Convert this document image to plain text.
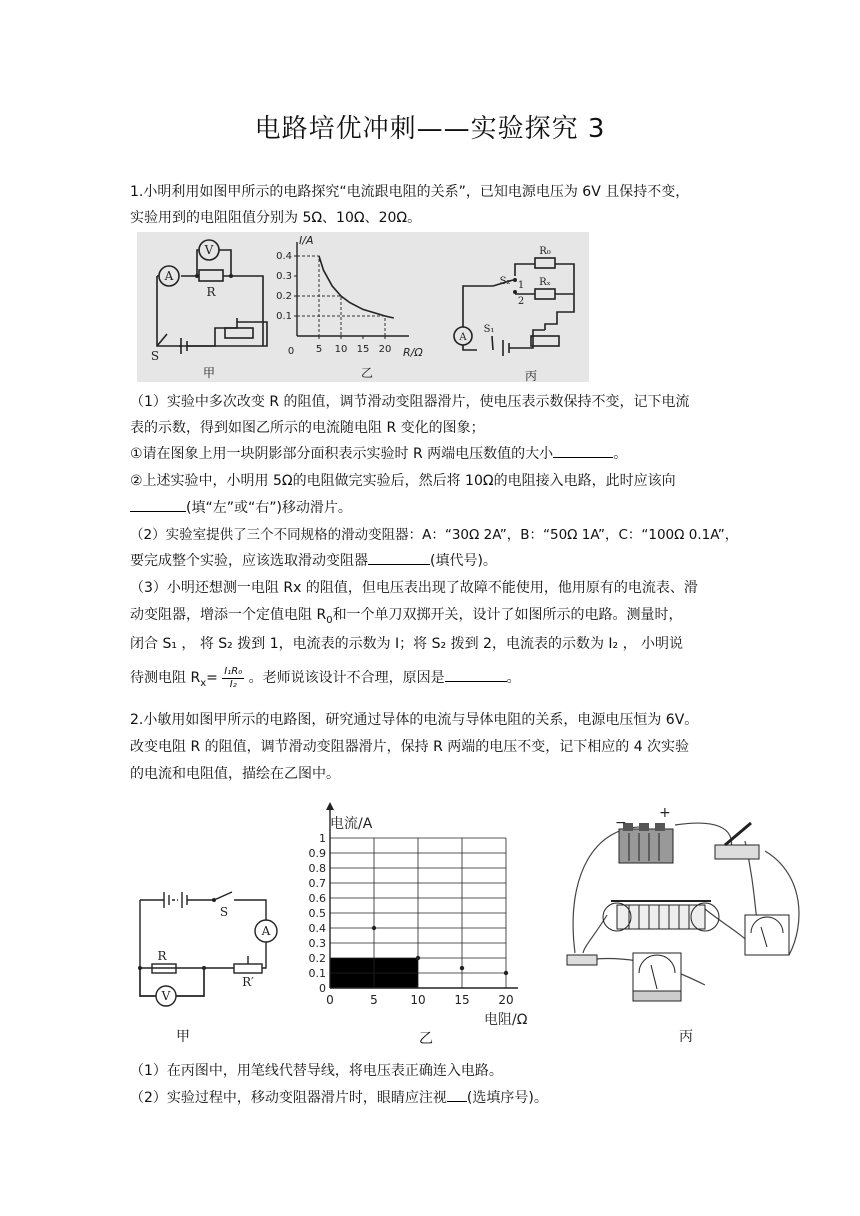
电路培优冲刺——实验探究 3
1.小明利用如图甲所示的电路探究“电流跟电阻的关系”，已知电源电压为 6V 且保持不变，
实验用到的电阻阻值分别为 5Ω、10Ω、20Ω。
A
V
R
S
甲	乙	丙
A
S₂ 1
2
R₀
Rₓ
S₁
I/A
R/Ω
0
0.1
0.2
0.3
0.4
5 10 15 20
（1）实验中多次改变 R 的阻值，调节滑动变阻器滑片，使电压表示数保持不变，记下电流
表的示数，得到如图乙所示的电流随电阻 R 变化的图象；
①请在图象上用一块阴影部分面积表示实验时 R 两端电压数值的大小	。
②上述实验中，小明用 5Ω的电阻做完实验后，然后将 10Ω的电阻接入电路，此时应该向
(填“左”或“右”)移动滑片。
（2）实验室提供了三个不同规格的滑动变阻器：A：“30Ω 2A”，B：“50Ω 1A”，C：“100Ω 0.1A”，
要完成整个实验，应该选取滑动变阻器	(填代号)。
（3）小明还想测一电阻 Rx 的阻值，但电压表出现了故障不能使用，他用原有的电流表、滑
动变阻器，增添一个定值电阻 $R_0$和一个单刀双掷开关，设计了如图所示的电路。测量时，
闭合 S₁ ， 将 S₂ 拨到 1，电流表的示数为 I；将 S₂ 拨到 2，电流表的示数为 I₂ ， 小明说
待测电阻 $R_x= \frac{\text{I₁R₀}}{\text{I₂}}$ 。老师说该设计不合理，原因是	。
2.小敏用如图甲所示的电路图，研究通过导体的电流与导体电阻的关系，电源电压恒为 6V。
改变电阻 R 的阻值，调节滑动变阻器滑片，保持 R 两端的电压不变，记下相应的 4 次实验
的电流和电阻值，描绘在乙图中。
A
V
S
R
R′
电流/A
电阻/Ω
0
0.1
0.2
0.3
0.4
0.5
0.6
0.7
0.8
0.9
1
0	5	10 15 20
−
+
甲	乙	丙
（1）在丙图中，用笔线代替导线，将电压表正确连入电路。
（2）实验过程中，移动变阻器滑片时，眼睛应注视 (选填序号)。
